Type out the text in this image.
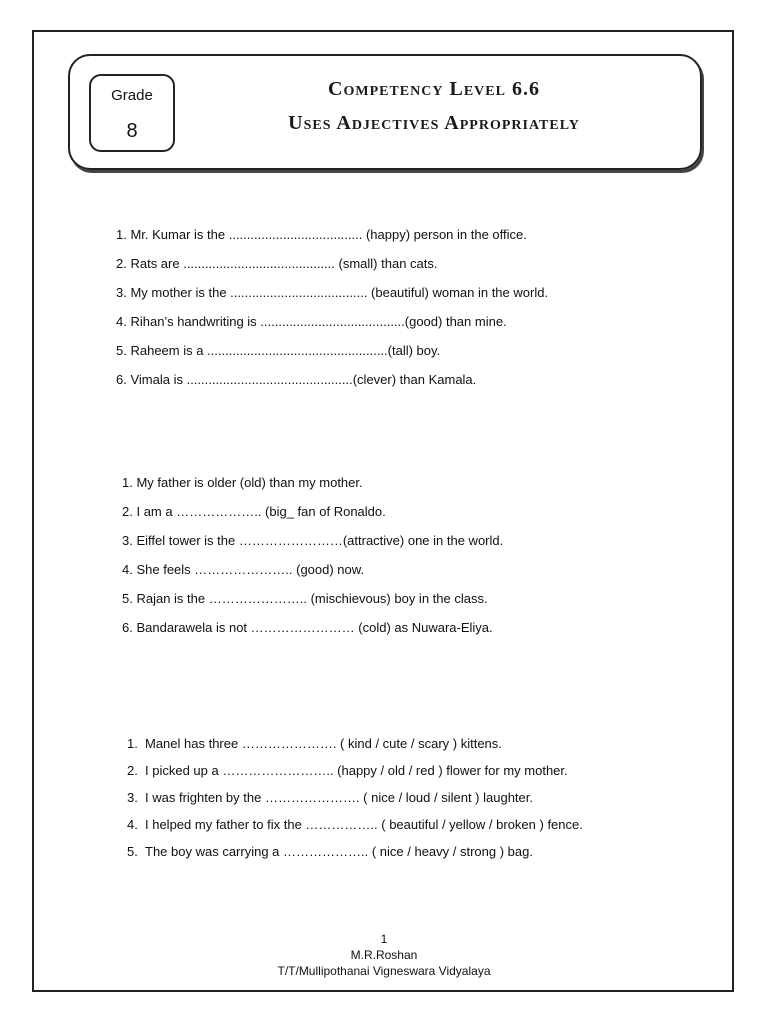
Grade
8
Competency Level 6.6
Uses Adjectives Appropriately
1. Mr. Kumar is the ..................................... (happy) person in the office.
2. Rats are .......................................... (small) than cats.
3. My mother is the ...................................... (beautiful) woman in the world.
4. Rihan’s handwriting is ........................................(good) than mine.
5. Raheem is a ..................................................(tall) boy.
6. Vimala is ..............................................(clever) than Kamala.
1. My father is older (old) than my mother.
2. I am a ……………….. (big_ fan of Ronaldo.
3. Eiffel tower is the ……………………(attractive) one in the world.
4. She feels ………………….. (good) now.
5. Rajan is the ………………….. (mischievous) boy in the class.
6. Bandarawela is not …………………… (cold) as Nuwara-Eliya.
1. Manel has three …………………. ( kind / cute / scary ) kittens.
2. I picked up a …………………….. (happy / old / red ) flower for my mother.
3. I was frighten by the …………………. ( nice / loud / silent ) laughter.
4. I helped my father to fix the …………….. ( beautiful / yellow / broken ) fence.
5. The boy was carrying a ……………….. ( nice / heavy / strong ) bag.
1
M.R.Roshan
T/T/Mullipothanai Vigneswara Vidyalaya
